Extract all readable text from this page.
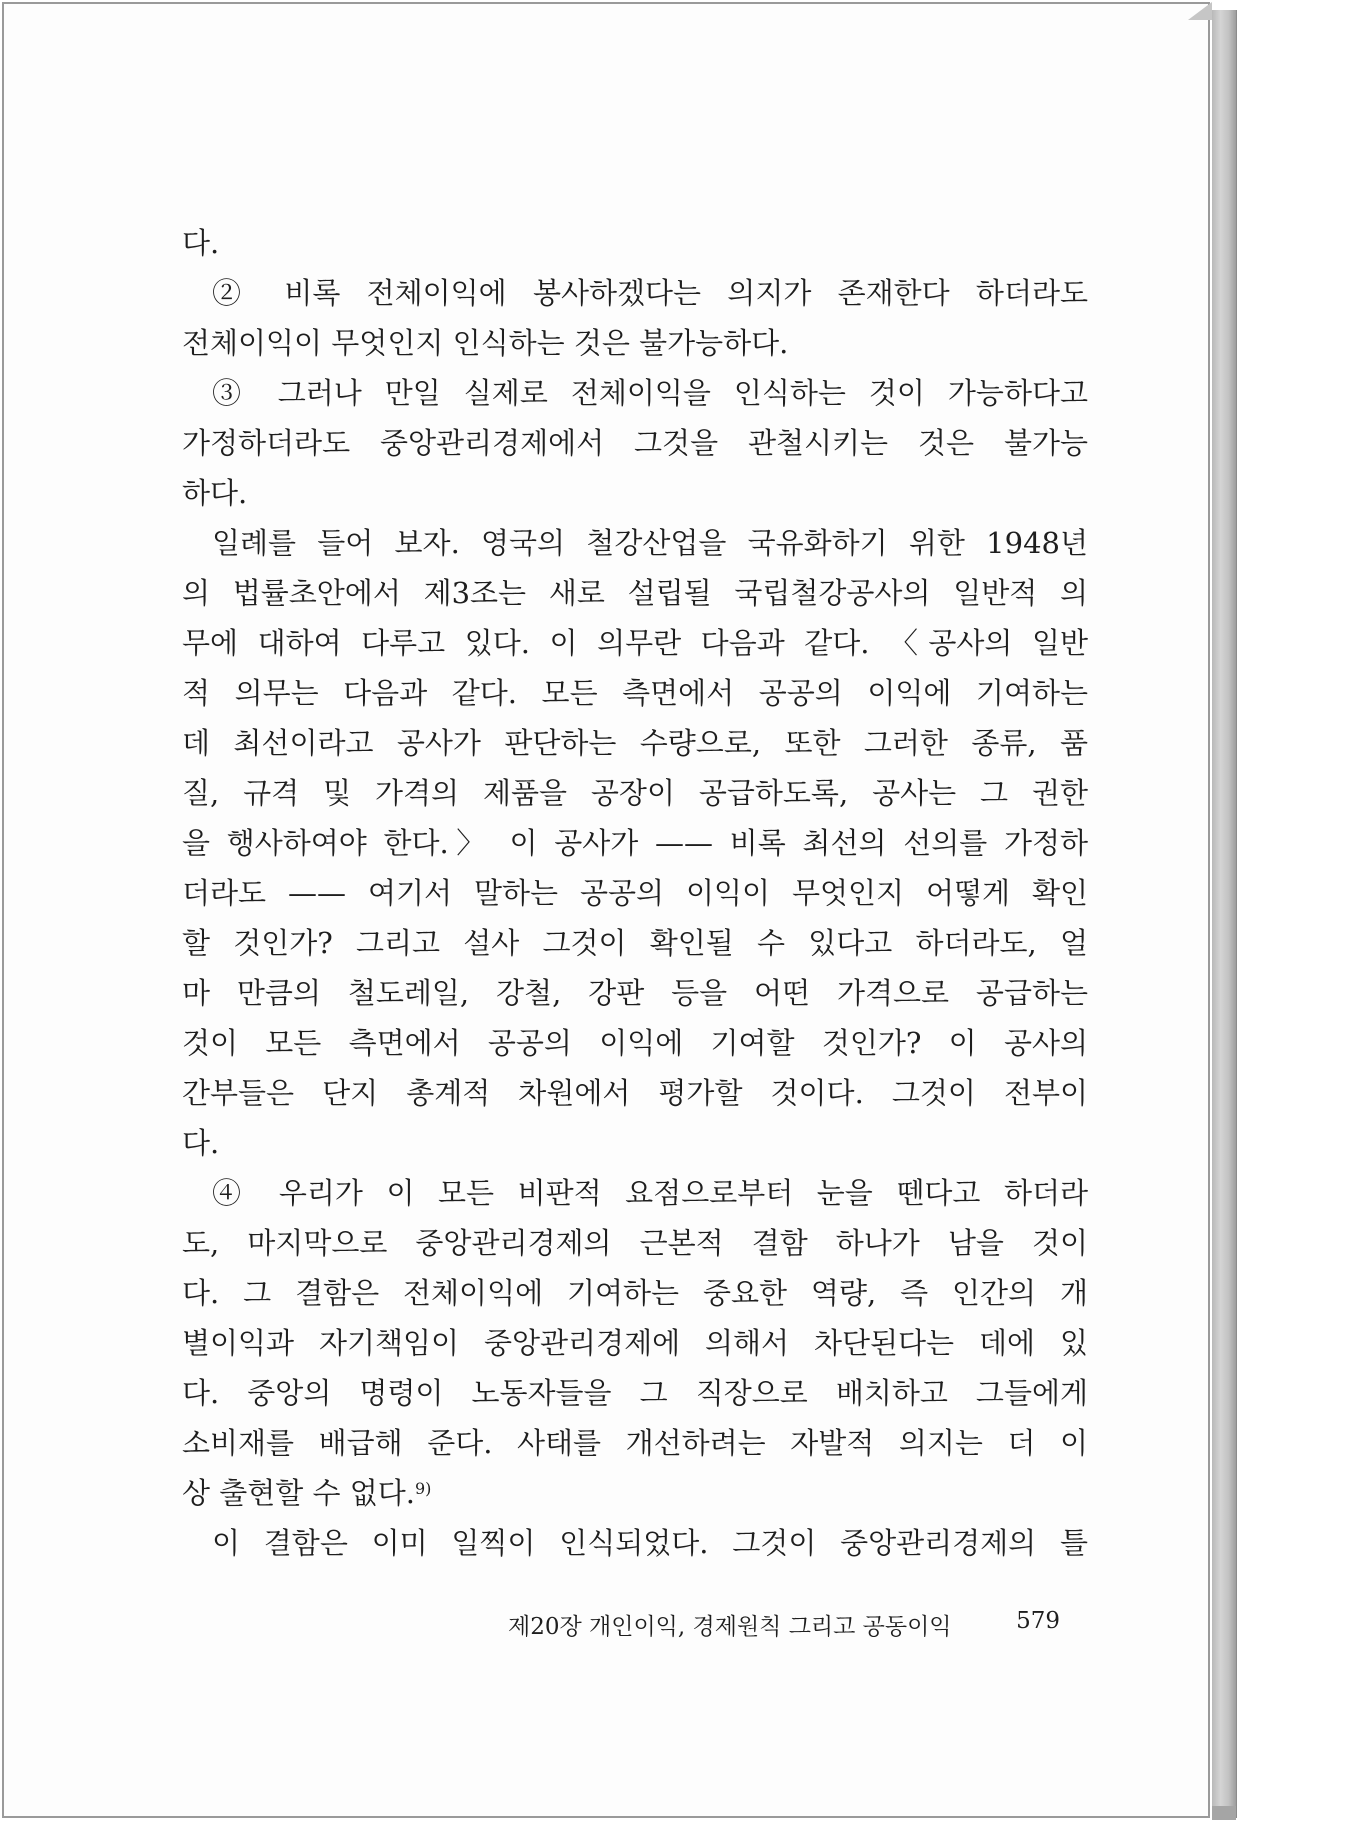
다.
② 비록 전체이익에 봉사하겠다는 의지가 존재한다 하더라도
전체이익이 무엇인지 인식하는 것은 불가능하다.
③ 그러나 만일 실제로 전체이익을 인식하는 것이 가능하다고
가정하더라도 중앙관리경제에서 그것을 관철시키는 것은 불가능
하다.
일례를 들어 보자. 영국의 철강산업을 국유화하기 위한 1948년
의 법률초안에서 제3조는 새로 설립될 국립철강공사의 일반적 의
무에 대하여 다루고 있다. 이 의무란 다음과 같다. 〈공사의 일반
적 의무는 다음과 같다. 모든 측면에서 공공의 이익에 기여하는
데 최선이라고 공사가 판단하는 수량으로, 또한 그러한 종류, 품
질, 규격 및 가격의 제품을 공장이 공급하도록, 공사는 그 권한
을 행사하여야 한다.〉 이 공사가 —— 비록 최선의 선의를 가정하
더라도 —— 여기서 말하는 공공의 이익이 무엇인지 어떻게 확인
할 것인가? 그리고 설사 그것이 확인될 수 있다고 하더라도, 얼
마 만큼의 철도레일, 강철, 강판 등을 어떤 가격으로 공급하는
것이 모든 측면에서 공공의 이익에 기여할 것인가? 이 공사의
간부들은 단지 총계적 차원에서 평가할 것이다. 그것이 전부이
다.
④ 우리가 이 모든 비판적 요점으로부터 눈을 뗀다고 하더라
도, 마지막으로 중앙관리경제의 근본적 결함 하나가 남을 것이
다. 그 결함은 전체이익에 기여하는 중요한 역량, 즉 인간의 개
별이익과 자기책임이 중앙관리경제에 의해서 차단된다는 데에 있
다. 중앙의 명령이 노동자들을 그 직장으로 배치하고 그들에게
소비재를 배급해 준다. 사태를 개선하려는 자발적 의지는 더 이
상 출현할 수 없다.$^{9)}$
이 결함은 이미 일찍이 인식되었다. 그것이 중앙관리경제의 틀
제20장 개인이익, 경제원칙 그리고 공동이익	579
